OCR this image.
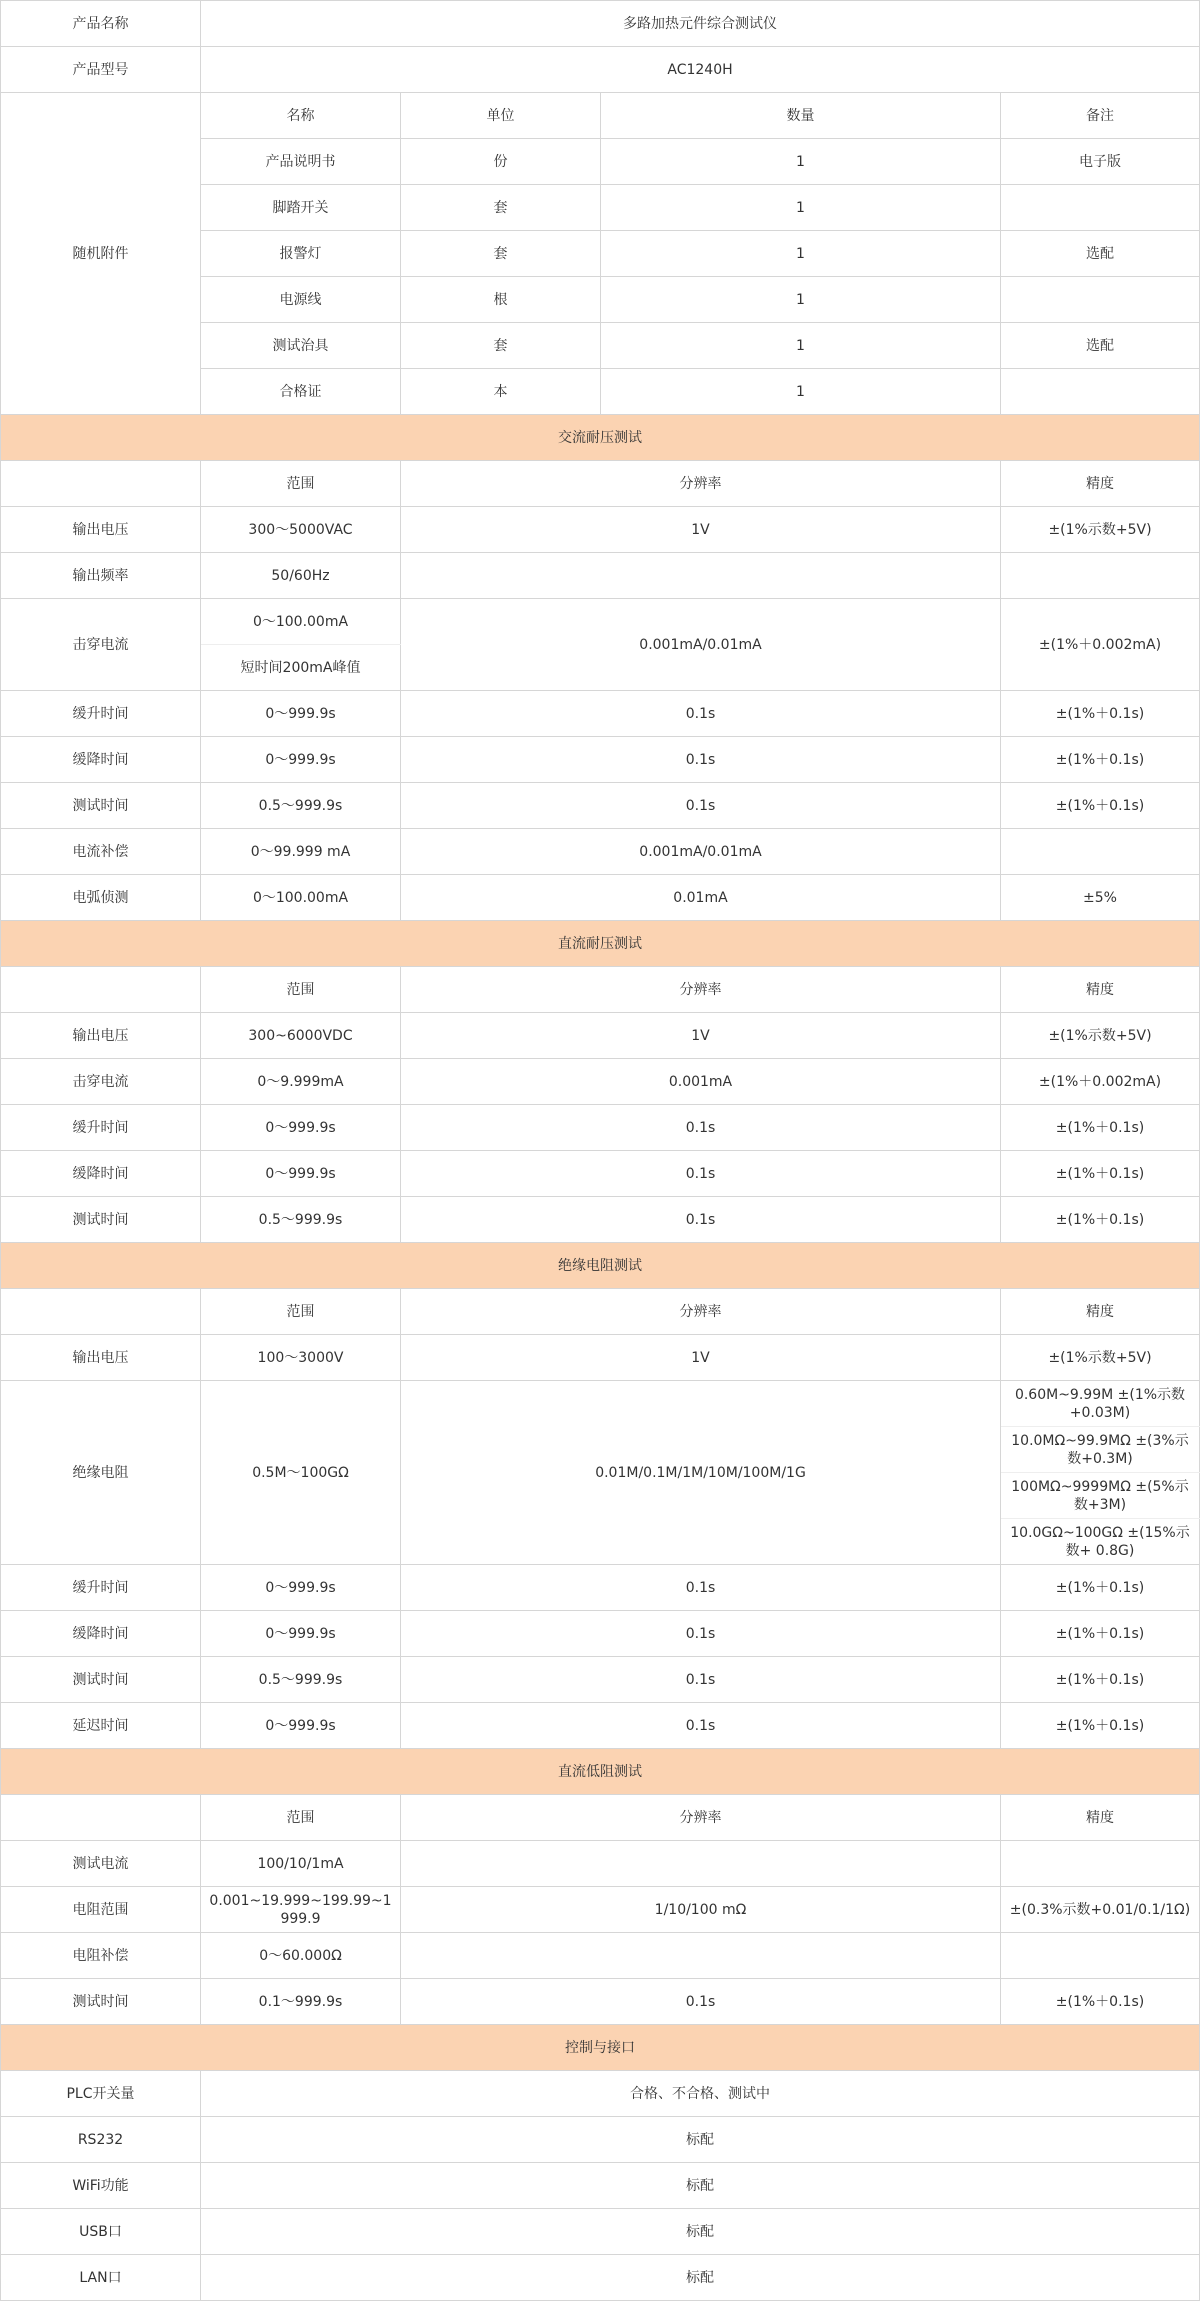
产品名称	多路加热元件综合测试仪			
产品型号	AC1240H			
随机附件	名称	单位	数量	备注
	产品说明书	份	1	电子版
	脚踏开关	套	1	
	报警灯	套	1	选配
	电源线	根	1	
	测试治具	套	1	选配
	合格证	本	1	
交流耐压测试				
	范围	分辨率		精度
输出电压	300～5000VAC	1V		±(1%示数+5V)
输出频率	50/60Hz			
击穿电流	0～100.00mA	0.001mA/0.01mA		±(1%＋0.002mA)
	短时间200mA峰值			
缓升时间	0～999.9s	0.1s		±(1%＋0.1s)
缓降时间	0～999.9s	0.1s		±(1%＋0.1s)
测试时间	0.5～999.9s	0.1s		±(1%＋0.1s)
电流补偿	0～99.999 mA	0.001mA/0.01mA		
电弧侦测	0～100.00mA	0.01mA		±5%
直流耐压测试				
	范围	分辨率		精度
输出电压	300~6000VDC	1V		±(1%示数+5V)
击穿电流	0～9.999mA	0.001mA		±(1%＋0.002mA)
缓升时间	0～999.9s	0.1s		±(1%＋0.1s)
缓降时间	0～999.9s	0.1s		±(1%＋0.1s)
测试时间	0.5～999.9s	0.1s		±(1%＋0.1s)
绝缘电阻测试				
	范围	分辨率		精度
输出电压	100～3000V	1V		±(1%示数+5V)
绝缘电阻	0.5M～100GΩ	0.01M/0.1M/1M/10M/100M/1G		0.60M~9.99M ±(1%示数+0.03M)
				10.0MΩ~99.9MΩ ±(3%示数+0.3M)
				100MΩ~9999MΩ ±(5%示数+3M)
				10.0GΩ~100GΩ ±(15%示数+ 0.8G)
缓升时间	0～999.9s	0.1s		±(1%＋0.1s)
缓降时间	0～999.9s	0.1s		±(1%＋0.1s)
测试时间	0.5～999.9s	0.1s		±(1%＋0.1s)
延迟时间	0～999.9s	0.1s		±(1%＋0.1s)
直流低阻测试				
	范围	分辨率		精度
测试电流	100/10/1mA			
电阻范围	0.001~19.999~199.99~1999.9	1/10/100 mΩ		±(0.3%示数+0.01/0.1/1Ω)
电阻补偿	0～60.000Ω			
测试时间	0.1～999.9s	0.1s		±(1%＋0.1s)
控制与接口				
PLC开关量	合格、不合格、测试中			
RS232	标配			
WiFi功能	标配			
USB口	标配			
LAN口	标配			
